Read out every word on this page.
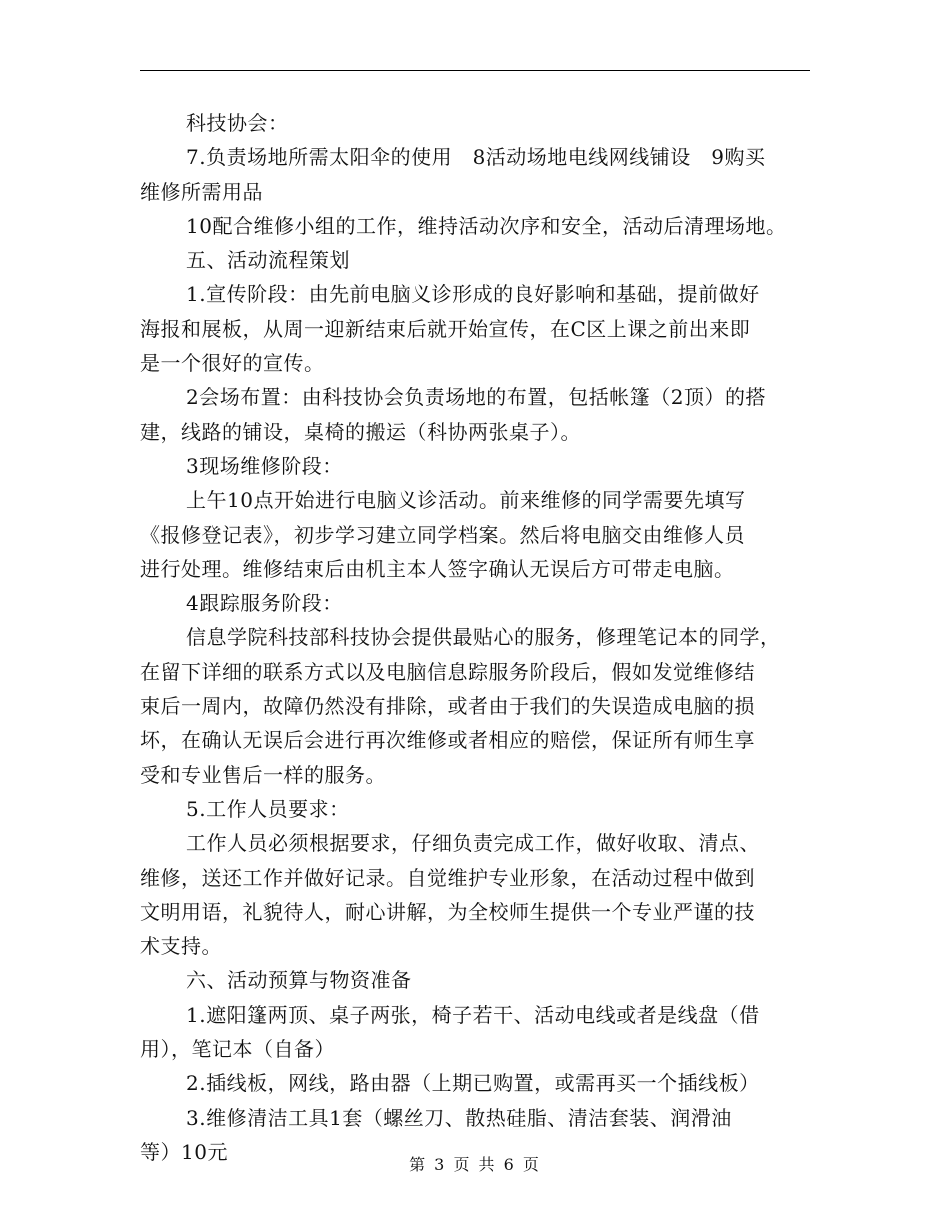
科技协会：
7.负责场地所需太阳伞的使用　8活动场地电线网线铺设　9购买
维修所需用品
10配合维修小组的工作，维持活动次序和安全，活动后清理场地。
五、活动流程策划
1.宣传阶段：由先前电脑义诊形成的良好影响和基础，提前做好
海报和展板，从周一迎新结束后就开始宣传，在C区上课之前出来即
是一个很好的宣传。
2会场布置：由科技协会负责场地的布置，包括帐篷（2顶）的搭
建，线路的铺设，桌椅的搬运（科协两张桌子）。
3现场维修阶段：
上午10点开始进行电脑义诊活动。前来维修的同学需要先填写
《报修登记表》，初步学习建立同学档案。然后将电脑交由维修人员
进行处理。维修结束后由机主本人签字确认无误后方可带走电脑。
4跟踪服务阶段：
信息学院科技部科技协会提供最贴心的服务，修理笔记本的同学，
在留下详细的联系方式以及电脑信息踪服务阶段后，假如发觉维修结
束后一周内，故障仍然没有排除，或者由于我们的失误造成电脑的损
坏，在确认无误后会进行再次维修或者相应的赔偿，保证所有师生享
受和专业售后一样的服务。
5.工作人员要求：
工作人员必须根据要求，仔细负责完成工作，做好收取、清点、
维修，送还工作并做好记录。自觉维护专业形象，在活动过程中做到
文明用语，礼貌待人，耐心讲解，为全校师生提供一个专业严谨的技
术支持。
六、活动预算与物资准备
1.遮阳篷两顶、桌子两张，椅子若干、活动电线或者是线盘（借
用），笔记本（自备）
2.插线板，网线，路由器（上期已购置，或需再买一个插线板）
3.维修清洁工具1套（螺丝刀、散热硅脂、清洁套装、润滑油
等）10元
第 3 页 共 6 页
